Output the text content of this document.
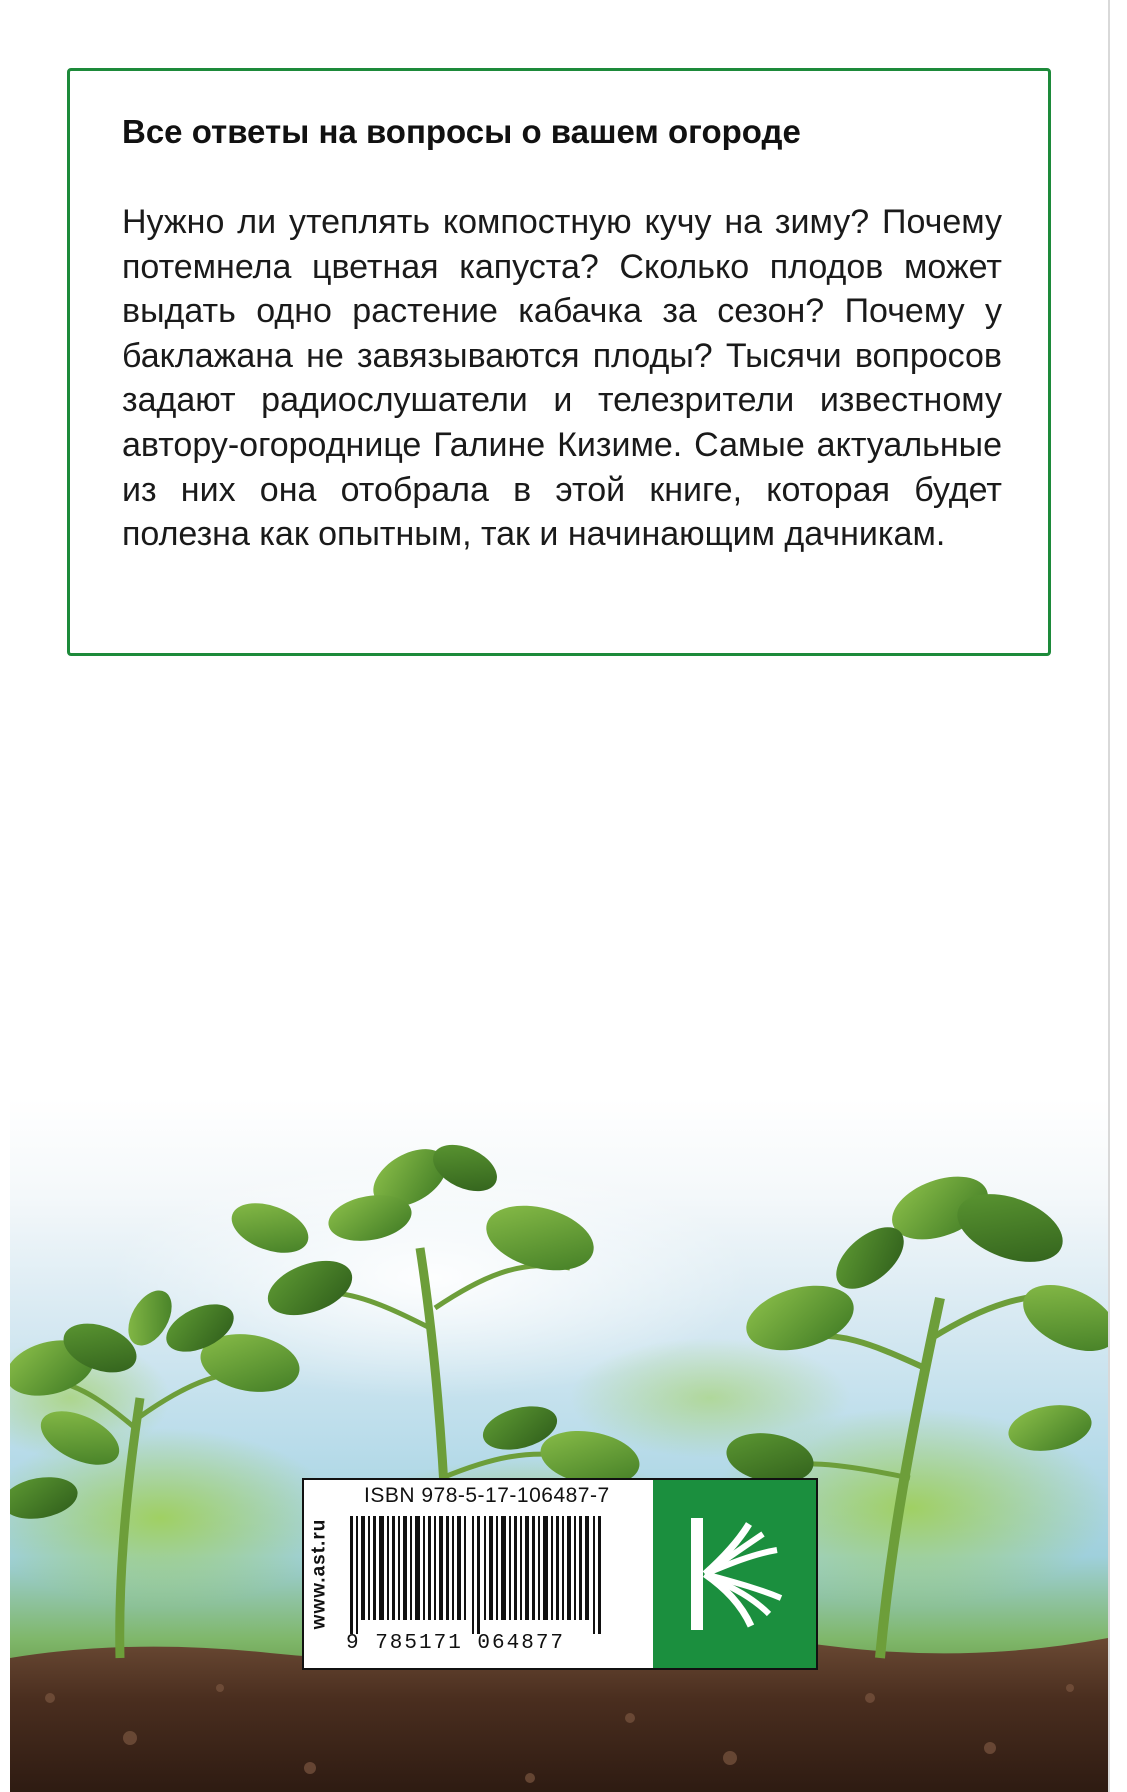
Все ответы на вопросы о вашем огороде

Нужно ли утеплять компостную кучу на зиму? Почему потемнела цветная капуста? Сколько плодов может выдать одно растение кабачка за сезон? Почему у баклажана не завязываются плоды? Тысячи вопросов задают радиослушатели и телезрители известному автору-огороднице Галине Кизиме. Самые актуальные из них она отобрала в этой книге, которая будет полезна как опытным, так и начинающим дачникам.

www.ast.ru
ISBN 978-5-17-106487-7
9 785171 064877
